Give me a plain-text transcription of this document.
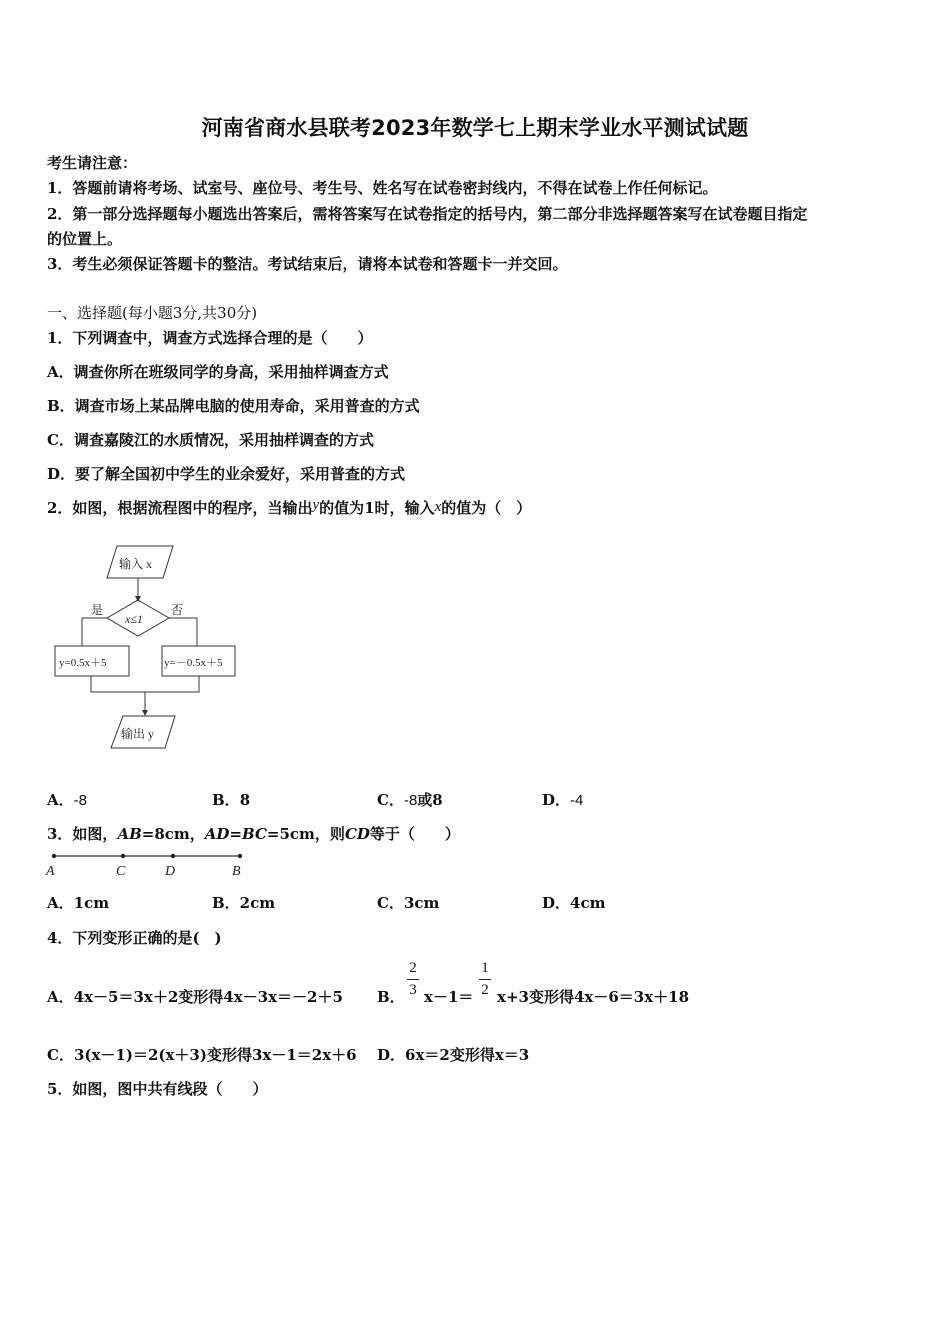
河南省商水县联考2023年数学七上期末学业水平测试试题
考生请注意：
1．答题前请将考场、试室号、座位号、考生号、姓名写在试卷密封线内，不得在试卷上作任何标记。
2．第一部分选择题每小题选出答案后，需将答案写在试卷指定的括号内，第二部分非选择题答案写在试卷题目指定
的位置上。
3．考生必须保证答题卡的整洁。考试结束后，请将本试卷和答题卡一并交回。
一、选择题(每小题3分,共30分)
1．下列调查中，调查方式选择合理的是（　　）
A．调查你所在班级同学的身高，采用抽样调查方式
B．调查市场上某品牌电脑的使用寿命，采用普查的方式
C．调查嘉陵江的水质情况，采用抽样调查的方式
D．要了解全国初中学生的业余爱好，采用普查的方式
2．如图，根据流程图中的程序，当输出y的值为1时，输入x的值为（　）
输入 x
x≤1
是	否
y=0.5x＋5	y=－0.5x＋5
输出 y
A．-8	B．8	C．-8或8	D．-4
3．如图，AB=8cm，AD=BC=5cm，则CD等于（　　）
A	C	D	B
A．1cm	B．2cm	C．3cm	D．4cm
4．下列变形正确的是(　)
A．4x－5＝3x＋2变形得4x－3x＝－2＋5 B．
2
3 x－1＝
1
2 x+3变形得4x－6＝3x＋18
C．3(x－1)＝2(x＋3)变形得3x－1＝2x＋6 D．6x＝2变形得x＝3
5．如图，图中共有线段（　　）
